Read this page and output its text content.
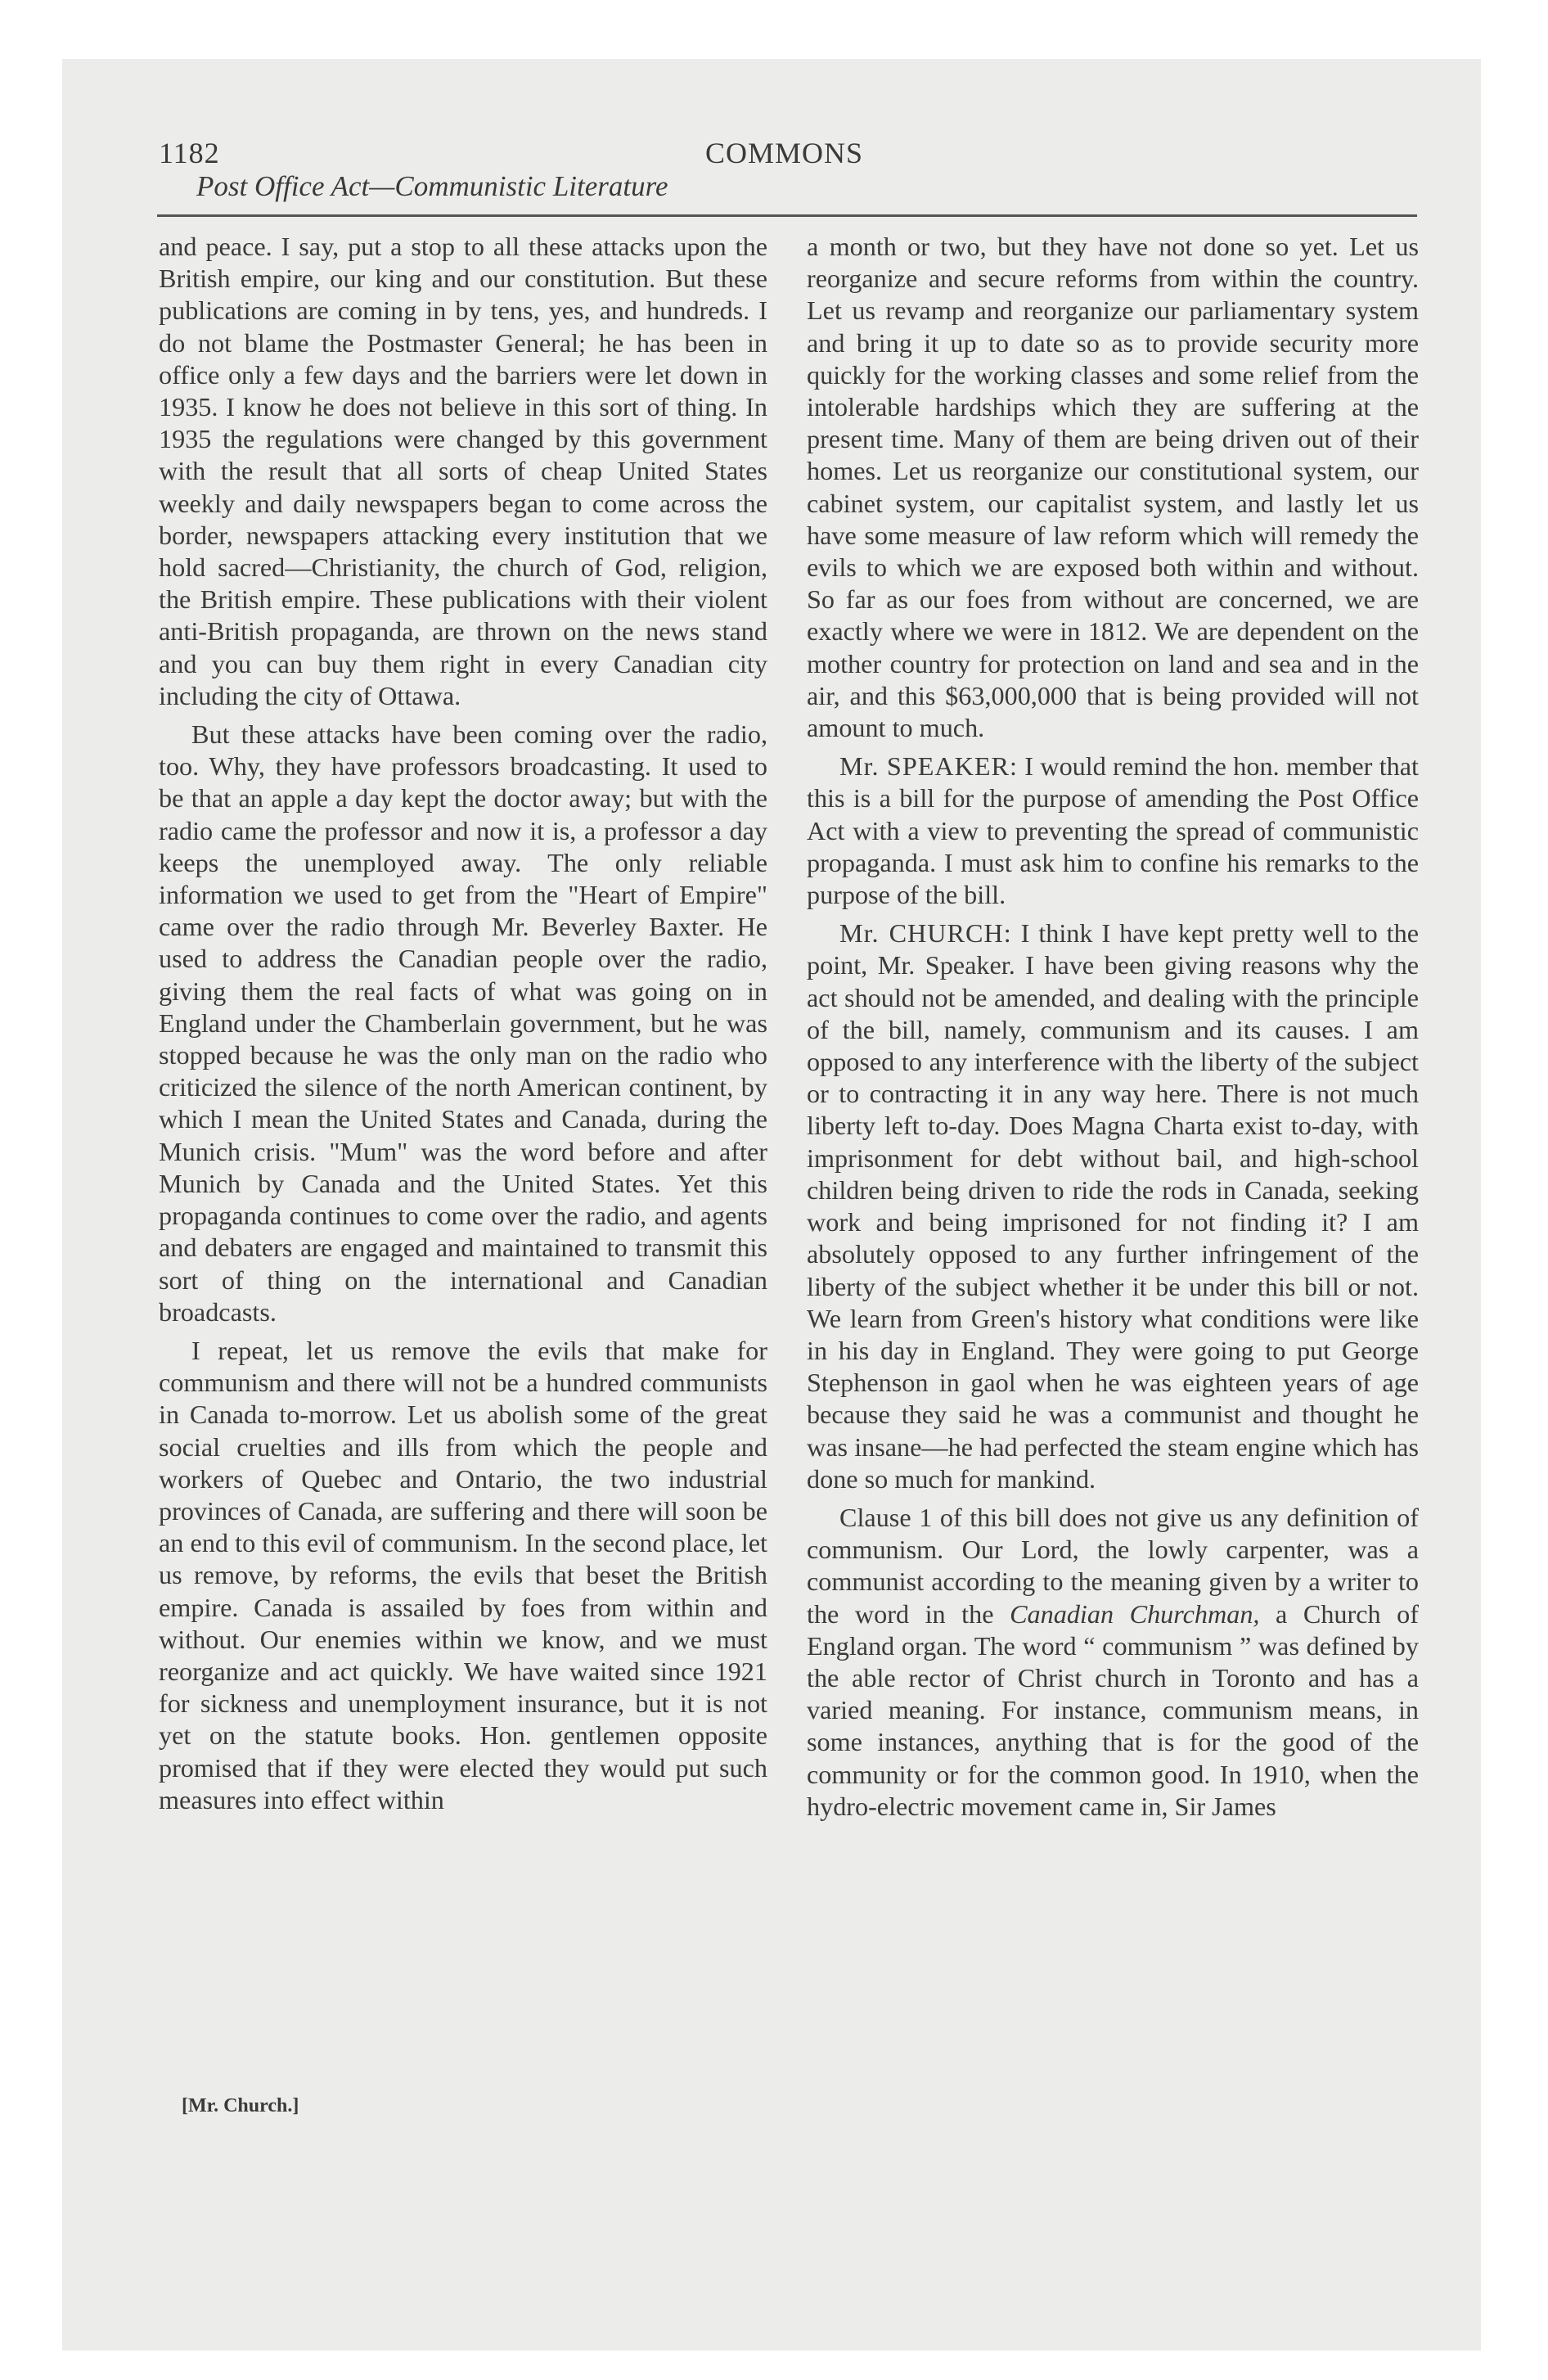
1182	COMMONS
Post Office Act—Communistic Literature

and peace. I say, put a stop to all these attacks upon the British empire, our king and our constitution. But these publications are coming in by tens, yes, and hundreds. I do not blame the Postmaster General; he has been in office only a few days and the barriers were let down in 1935. I know he does not believe in this sort of thing. In 1935 the regulations were changed by this government with the result that all sorts of cheap United States weekly and daily newspapers began to come across the border, newspapers attacking every institution that we hold sacred—Christianity, the church of God, religion, the British empire. These publications with their violent anti-British propaganda, are thrown on the news stand and you can buy them right in every Canadian city including the city of Ottawa.

But these attacks have been coming over the radio, too. Why, they have professors broadcasting. It used to be that an apple a day kept the doctor away; but with the radio came the professor and now it is, a professor a day keeps the unemployed away. The only reliable information we used to get from the "Heart of Empire" came over the radio through Mr. Beverley Baxter. He used to address the Canadian people over the radio, giving them the real facts of what was going on in England under the Chamberlain government, but he was stopped because he was the only man on the radio who criticized the silence of the north American continent, by which I mean the United States and Canada, during the Munich crisis. "Mum" was the word before and after Munich by Canada and the United States. Yet this propaganda continues to come over the radio, and agents and debaters are engaged and maintained to transmit this sort of thing on the international and Canadian broadcasts.

I repeat, let us remove the evils that make for communism and there will not be a hundred communists in Canada to-morrow. Let us abolish some of the great social cruelties and ills from which the people and workers of Quebec and Ontario, the two industrial provinces of Canada, are suffering and there will soon be an end to this evil of communism. In the second place, let us remove, by reforms, the evils that beset the British empire. Canada is assailed by foes from within and without. Our enemies within we know, and we must reorganize and act quickly. We have waited since 1921 for sickness and unemployment insurance, but it is not yet on the statute books. Hon. gentlemen opposite promised that if they were elected they would put such measures into effect within

a month or two, but they have not done so yet. Let us reorganize and secure reforms from within the country. Let us revamp and reorganize our parliamentary system and bring it up to date so as to provide security more quickly for the working classes and some relief from the intolerable hardships which they are suffering at the present time. Many of them are being driven out of their homes. Let us reorganize our constitutional system, our cabinet system, our capitalist system, and lastly let us have some measure of law reform which will remedy the evils to which we are exposed both within and without. So far as our foes from without are concerned, we are exactly where we were in 1812. We are dependent on the mother country for protection on land and sea and in the air, and this $63,000,000 that is being provided will not amount to much.

Mr. SPEAKER: I would remind the hon. member that this is a bill for the purpose of amending the Post Office Act with a view to preventing the spread of communistic propaganda. I must ask him to confine his remarks to the purpose of the bill.

Mr. CHURCH: I think I have kept pretty well to the point, Mr. Speaker. I have been giving reasons why the act should not be amended, and dealing with the principle of the bill, namely, communism and its causes. I am opposed to any interference with the liberty of the subject or to contracting it in any way here. There is not much liberty left to-day. Does Magna Charta exist to-day, with imprisonment for debt without bail, and high-school children being driven to ride the rods in Canada, seeking work and being imprisoned for not finding it? I am absolutely opposed to any further infringement of the liberty of the subject whether it be under this bill or not. We learn from Green's history what conditions were like in his day in England. They were going to put George Stephenson in gaol when he was eighteen years of age because they said he was a communist and thought he was insane—he had perfected the steam engine which has done so much for mankind.

Clause 1 of this bill does not give us any definition of communism. Our Lord, the lowly carpenter, was a communist according to the meaning given by a writer to the word in the Canadian Churchman, a Church of England organ. The word “ communism ” was defined by the able rector of Christ church in Toronto and has a varied meaning. For instance, communism means, in some instances, anything that is for the good of the community or for the common good. In 1910, when the hydro-electric movement came in, Sir James

[Mr. Church.]
